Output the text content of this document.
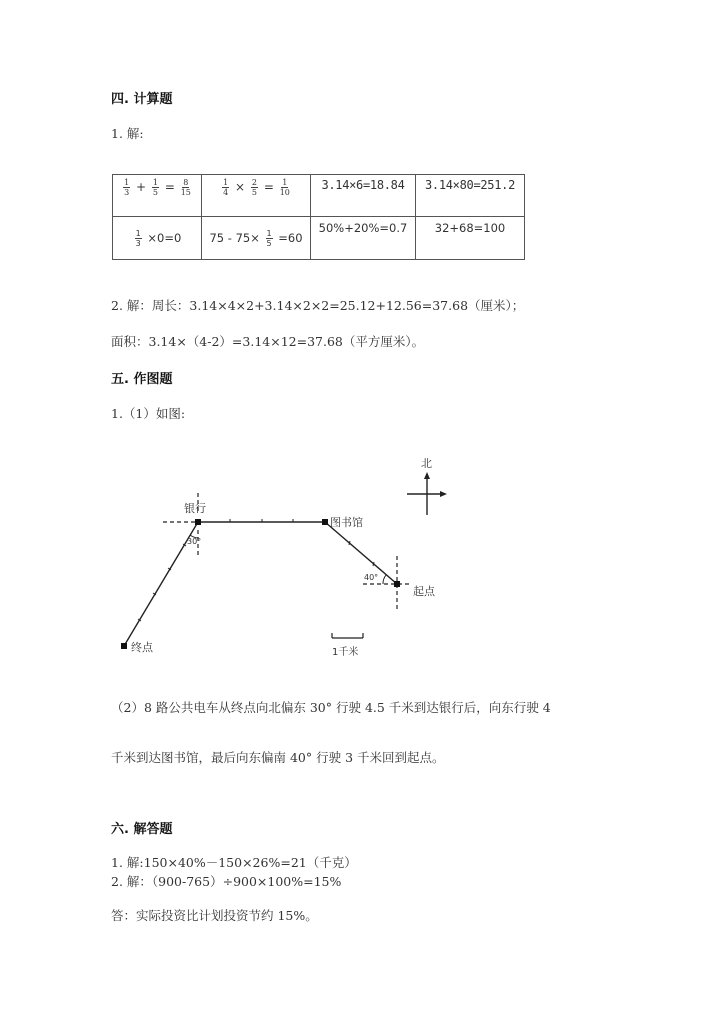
四. 计算题
1. 解:
$\frac{1}{3} + \frac{1}{5} = \frac{8}{15}$	$\frac{1}{4} \times \frac{2}{5} = \frac{1}{10}$	3.14×6=18.84	3.14×80=251.2

$\frac{1}{3} \times 0=0$	$75 - 75\times \frac{1}{5} =60$	50%+20%=0.7	32+68=100
2. 解：周长：3.14×4×2+3.14×2×2=25.12+12.56=37.68（厘米）；
面积：3.14×（4-2）=3.14×12=37.68（平方厘米）。
五. 作图题
1.（1）如图:
北
银行
图书馆
起点
终点
30°
40°
1千米
（2）8 路公共电车从终点向北偏东 30° 行驶 4.5 千米到达银行后，向东行驶 4
千米到达图书馆，最后向东偏南 40° 行驶 3 千米回到起点。
六. 解答题
1. 解:150×40%－150×26%=21（千克）
2. 解：（900-765）÷900×100%=15%
答：实际投资比计划投资节约 15%。
